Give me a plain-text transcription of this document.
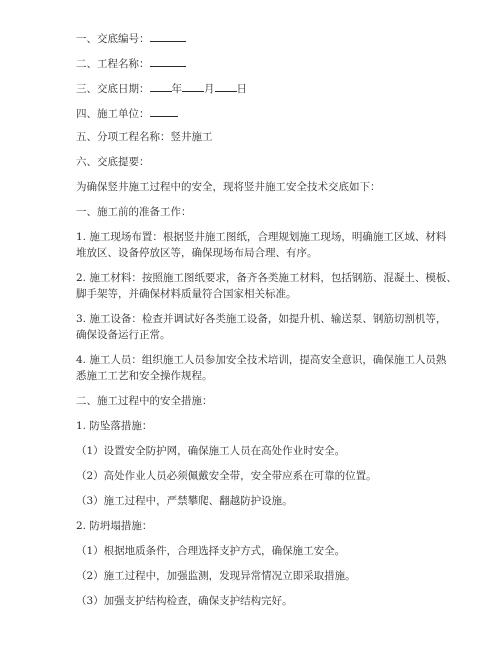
一、交底编号：
二、工程名称：
三、交底日期： 年 月 日
四、施工单位：
五、分项工程名称：竖井施工
六、交底提要：
为确保竖井施工过程中的安全，现将竖井施工安全技术交底如下：
一、施工前的准备工作：
1. 施工现场布置：根据竖井施工图纸，合理规划施工现场，明确施工区域、材料
堆放区、设备停放区等，确保现场布局合理、有序。
2. 施工材料：按照施工图纸要求，备齐各类施工材料，包括钢筋、混凝土、模板、
脚手架等，并确保材料质量符合国家相关标准。
3. 施工设备：检查并调试好各类施工设备，如提升机、输送泵、钢筋切割机等，
确保设备运行正常。
4. 施工人员：组织施工人员参加安全技术培训，提高安全意识，确保施工人员熟
悉施工工艺和安全操作规程。
二、施工过程中的安全措施：
1. 防坠落措施：
（1）设置安全防护网，确保施工人员在高处作业时安全。
（2）高处作业人员必须佩戴安全带，安全带应系在可靠的位置。
（3）施工过程中，严禁攀爬、翻越防护设施。
2. 防坍塌措施：
（1）根据地质条件，合理选择支护方式，确保施工安全。
（2）施工过程中，加强监测，发现异常情况立即采取措施。
（3）加强支护结构检查，确保支护结构完好。
